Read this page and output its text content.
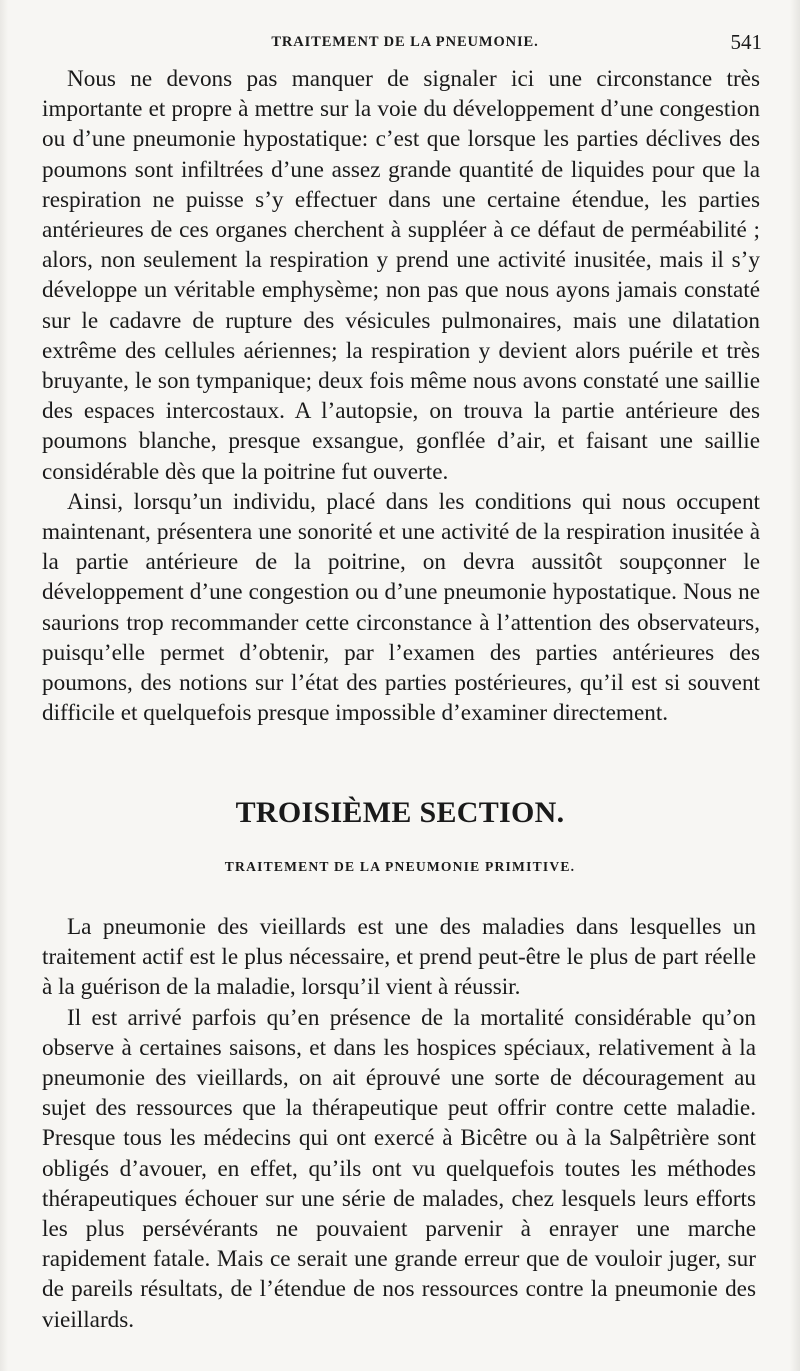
TRAITEMENT DE LA PNEUMONIE.	541

Nous ne devons pas manquer de signaler ici une circonstance très importante et propre à mettre sur la voie du développement d’une congestion ou d’une pneumonie hypostatique: c’est que lorsque les parties déclives des poumons sont infiltrées d’une assez grande quantité de liquides pour que la respiration ne puisse s’y effectuer dans une certaine étendue, les parties antérieures de ces organes cherchent à suppléer à ce défaut de perméabilité ; alors, non seulement la respiration y prend une activité inusitée, mais il s’y développe un véritable emphysème; non pas que nous ayons jamais constaté sur le cadavre de rupture des vésicules pulmonaires, mais une dilatation extrême des cellules aériennes; la respiration y devient alors puérile et très bruyante, le son tympanique; deux fois même nous avons constaté une saillie des espaces intercostaux. A l’autopsie, on trouva la partie antérieure des poumons blanche, presque exsangue, gonflée d’air, et faisant une saillie considérable dès que la poitrine fut ouverte.

Ainsi, lorsqu’un individu, placé dans les conditions qui nous occupent maintenant, présentera une sonorité et une activité de la respiration inusitée à la partie antérieure de la poitrine, on devra aussitôt soupçonner le développement d’une congestion ou d’une pneumonie hypostatique. Nous ne saurions trop recommander cette circonstance à l’attention des observateurs, puisqu’elle permet d’obtenir, par l’examen des parties antérieures des poumons, des notions sur l’état des parties postérieures, qu’il est si souvent difficile et quelquefois presque impossible d’examiner directement.

TROISIÈME SECTION.
TRAITEMENT DE LA PNEUMONIE PRIMITIVE.

La pneumonie des vieillards est une des maladies dans lesquelles un traitement actif est le plus nécessaire, et prend peut-être le plus de part réelle à la guérison de la maladie, lorsqu’il vient à réussir.

Il est arrivé parfois qu’en présence de la mortalité considérable qu’on observe à certaines saisons, et dans les hospices spéciaux, relativement à la pneumonie des vieillards, on ait éprouvé une sorte de découragement au sujet des ressources que la thérapeutique peut offrir contre cette maladie. Presque tous les médecins qui ont exercé à Bicêtre ou à la Salpêtrière sont obligés d’avouer, en effet, qu’ils ont vu quelquefois toutes les méthodes thérapeutiques échouer sur une série de malades, chez lesquels leurs efforts les plus persévérants ne pouvaient parvenir à enrayer une marche rapidement fatale. Mais ce serait une grande erreur que de vouloir juger, sur de pareils résultats, de l’étendue de nos ressources contre la pneumonie des vieillards.
